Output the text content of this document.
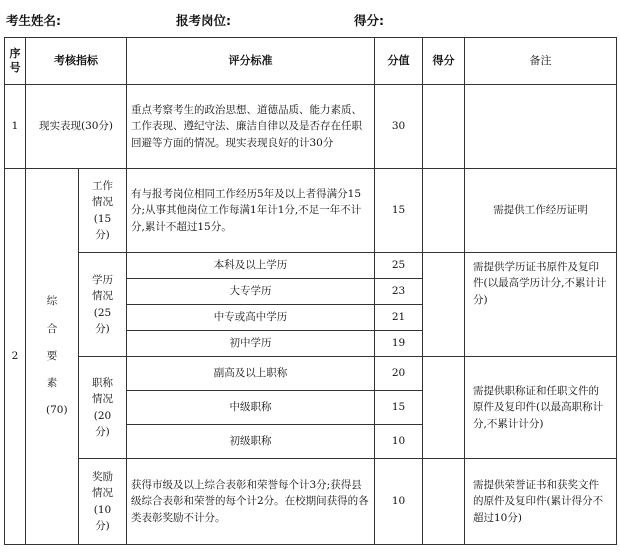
考生姓名:	报考岗位:	得分:
序号	考核指标		评分标准	分值	得分	备注
1	现实表现(30分)		重点考察考生的政治思想、道德品质、能力素质、工作表现、遵纪守法、廉洁自律以及是否存在任职回避等方面的情况。现实表现良好的计30分	30		
2	综合要素(70)	工作情况(15分)	有与报考岗位相同工作经历5年及以上者得满分15分;从事其他岗位工作每满1年计1分,不足一年不计分,累计不超过15分。	15		需提供工作经历证明
		学历情况(25分)	本科及以上学历	25		需提供学历证书原件及复印件(以最高学历计分,不累计计分)
			大专学历	23		
			中专或高中学历	21		
			初中学历	19		
		职称情况(20分)	副高及以上职称	20		需提供职称证和任职文件的原件及复印件(以最高职称计分,不累计计分)
			中级职称	15		
			初级职称	10		
		奖励情况(10分)	获得市级及以上综合表彰和荣誉每个计3分;获得县级综合表彰和荣誉的每个计2分。在校期间获得的各类表彰奖励不计分。	10		需提供荣誉证书和获奖文件的原件及复印件(累计得分不超过10分)
